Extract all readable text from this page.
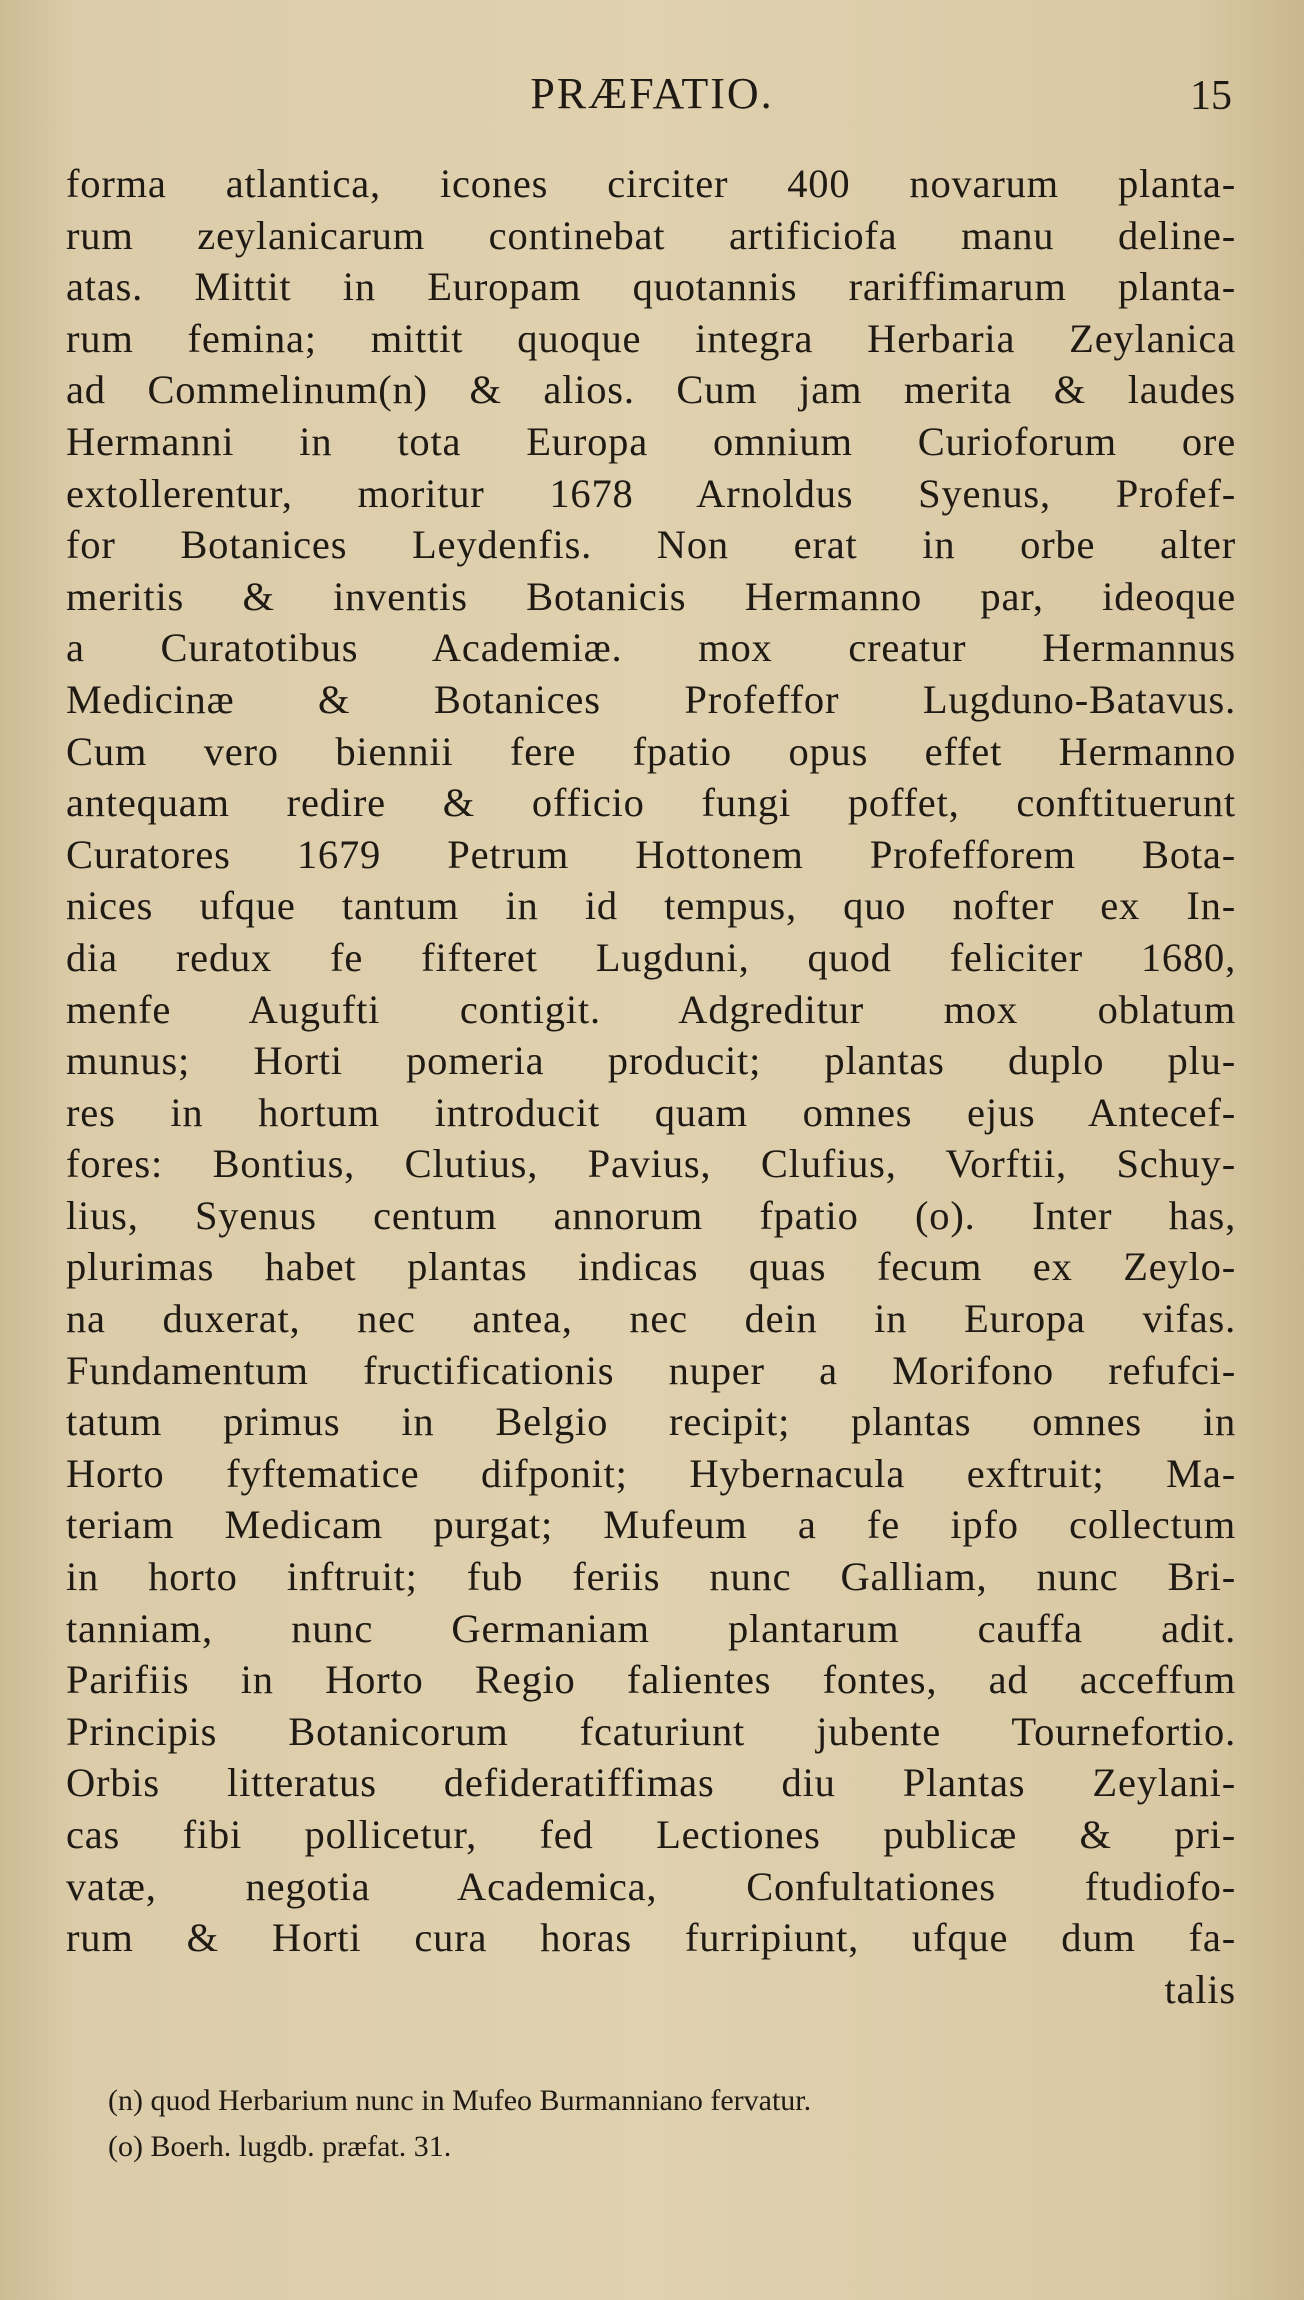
PRÆFATIO.	15
forma atlantica, icones circiter 400 novarum planta-
rum zeylanicarum continebat artificiofa manu deline-
atas. Mittit in Europam quotannis rariffimarum planta-
rum femina; mittit quoque integra Herbaria Zeylanica
ad Commelinum(n) & alios. Cum jam merita & laudes
Hermanni in tota Europa omnium Curioforum ore
extollerentur, moritur 1678 Arnoldus Syenus, Profef-
for Botanices Leydenfis. Non erat in orbe alter
meritis & inventis Botanicis Hermanno par, ideoque
a Curatotibus Academiæ. mox creatur Hermannus
Medicinæ & Botanices Profeffor Lugduno-Batavus.
Cum vero biennii fere fpatio opus effet Hermanno
antequam redire & officio fungi poffet, conftituerunt
Curatores 1679 Petrum Hottonem Profefforem Bota-
nices ufque tantum in id tempus, quo nofter ex In-
dia redux fe fifteret Lugduni, quod feliciter 1680,
menfe Augufti contigit. Adgreditur mox oblatum
munus; Horti pomeria producit; plantas duplo plu-
res in hortum introducit quam omnes ejus Antecef-
fores: Bontius, Clutius, Pavius, Clufius, Vorftii, Schuy-
lius, Syenus centum annorum fpatio (o). Inter has,
plurimas habet plantas indicas quas fecum ex Zeylo-
na duxerat, nec antea, nec dein in Europa vifas.
Fundamentum fructificationis nuper a Morifono refufci-
tatum primus in Belgio recipit; plantas omnes in
Horto fyftematice difponit; Hybernacula exftruit; Ma-
teriam Medicam purgat; Mufeum a fe ipfo collectum
in horto inftruit; fub feriis nunc Galliam, nunc Bri-
tanniam, nunc Germaniam plantarum cauffa adit.
Parifiis in Horto Regio falientes fontes, ad acceffum
Principis Botanicorum fcaturiunt jubente Tournefortio.
Orbis litteratus defideratiffimas diu Plantas Zeylani-
cas fibi pollicetur, fed Lectiones publicæ & pri-
vatæ, negotia Academica, Confultationes ftudiofo-
rum & Horti cura horas furripiunt, ufque dum fa-
talis
(n) quod Herbarium nunc in Mufeo Burmanniano fervatur.
(o) Boerh. lugdb. præfat. 31.
